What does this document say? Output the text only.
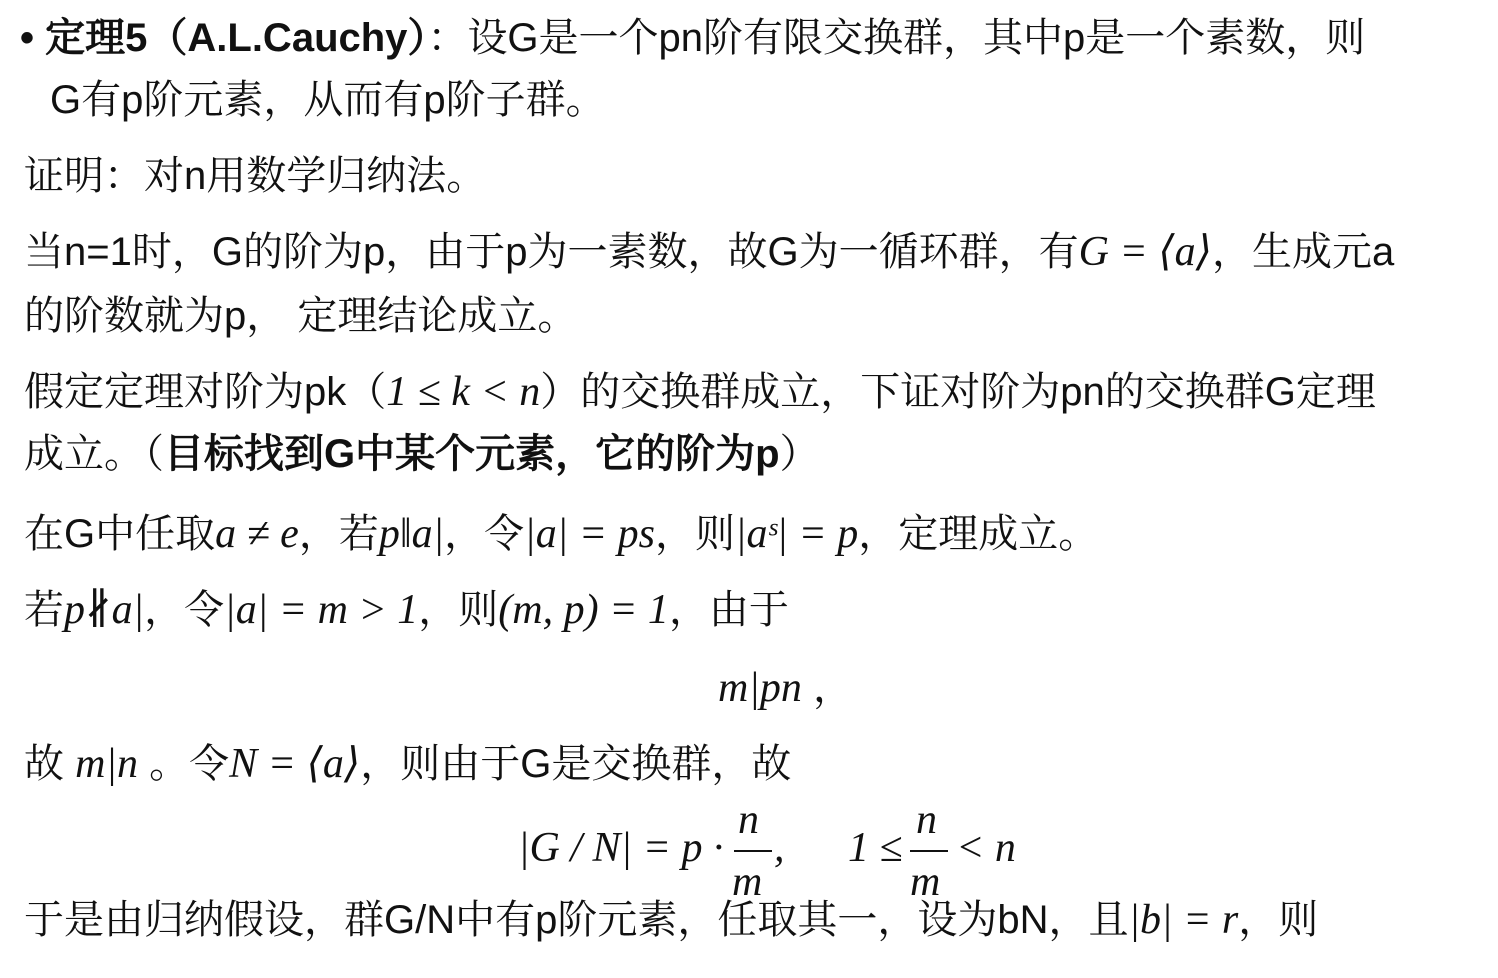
• 定理5（A.L.Cauchy）：设G是一个pn阶有限交换群，其中p是一个素数，则
G有p阶元素，从而有p阶子群。
证明：对n用数学归纳法。
当n=1时，G的阶为p，由于p为一素数，故G为一循环群，有G = ⟨a⟩，生成元a
的阶数就为p， 定理结论成立。
假定定理对阶为pk（1 ≤ k < n）的交换群成立，下证对阶为pn的交换群G定理
成立。（目标找到G中某个元素，它的阶为p）
在G中任取a ≠ e，若p‖a|，令|a| = ps，则|aˢ| = p，定理成立。
若p∦a|，令|a| = m > 1，则(m, p) = 1，由于
m|pn ，
故 m|n 。令N = ⟨a⟩，则由于G是交换群，故
|G / N| = p ·
n
m
, 1 ≤
n
m
< n
于是由归纳假设，群G/N中有p阶元素，任取其一，设为bN，且|b| = r，则
